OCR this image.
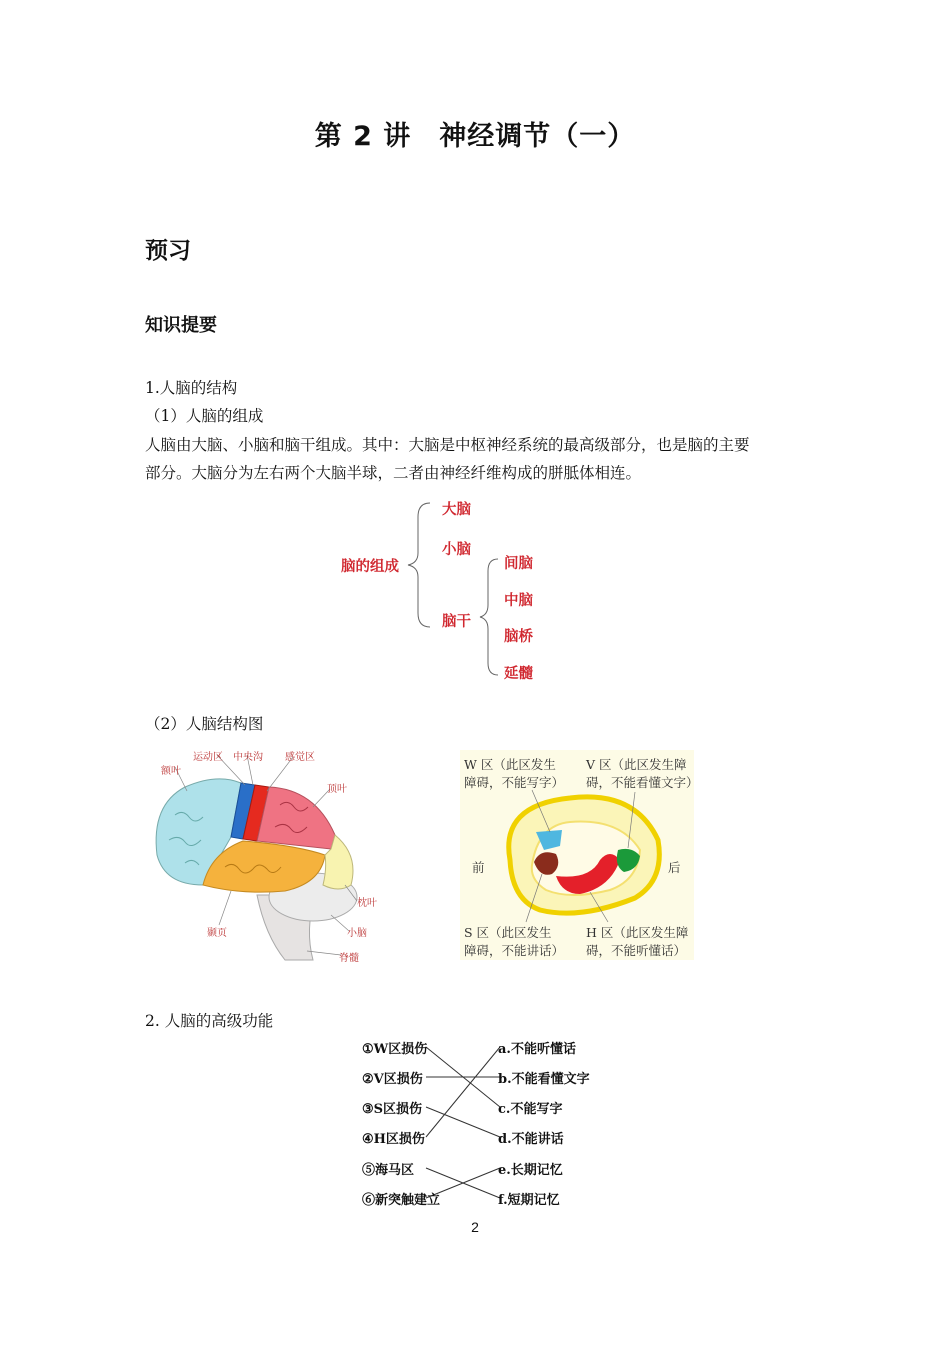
第 2 讲　神经调节（一）
预习
知识提要
1.人脑的结构
（1）人脑的组成
人脑由大脑、小脑和脑干组成。其中：大脑是中枢神经系统的最高级部分，也是脑的主要
部分。大脑分为左右两个大脑半球，二者由神经纤维构成的胼胝体相连。
脑的组成
大脑
小脑
脑干
间脑
中脑
脑桥
延髓
（2）人脑结构图
运动区 中央沟 感觉区
额叶
顶叶
枕叶
颞页	小脑
脊髓
W 区（此区发生
障碍，不能写字）
V 区（此区发生障
碍，不能看懂文字）
前	后
S 区（此区发生
障碍，不能讲话）
H 区（此区发生障
碍，不能听懂话）
2. 人脑的高级功能
①W区损伤
②V区损伤
③S区损伤
④H区损伤
⑤海马区
⑥新突触建立
a.不能听懂话
b.不能看懂文字
c.不能写字
d.不能讲话
e.长期记忆
f.短期记忆
2
